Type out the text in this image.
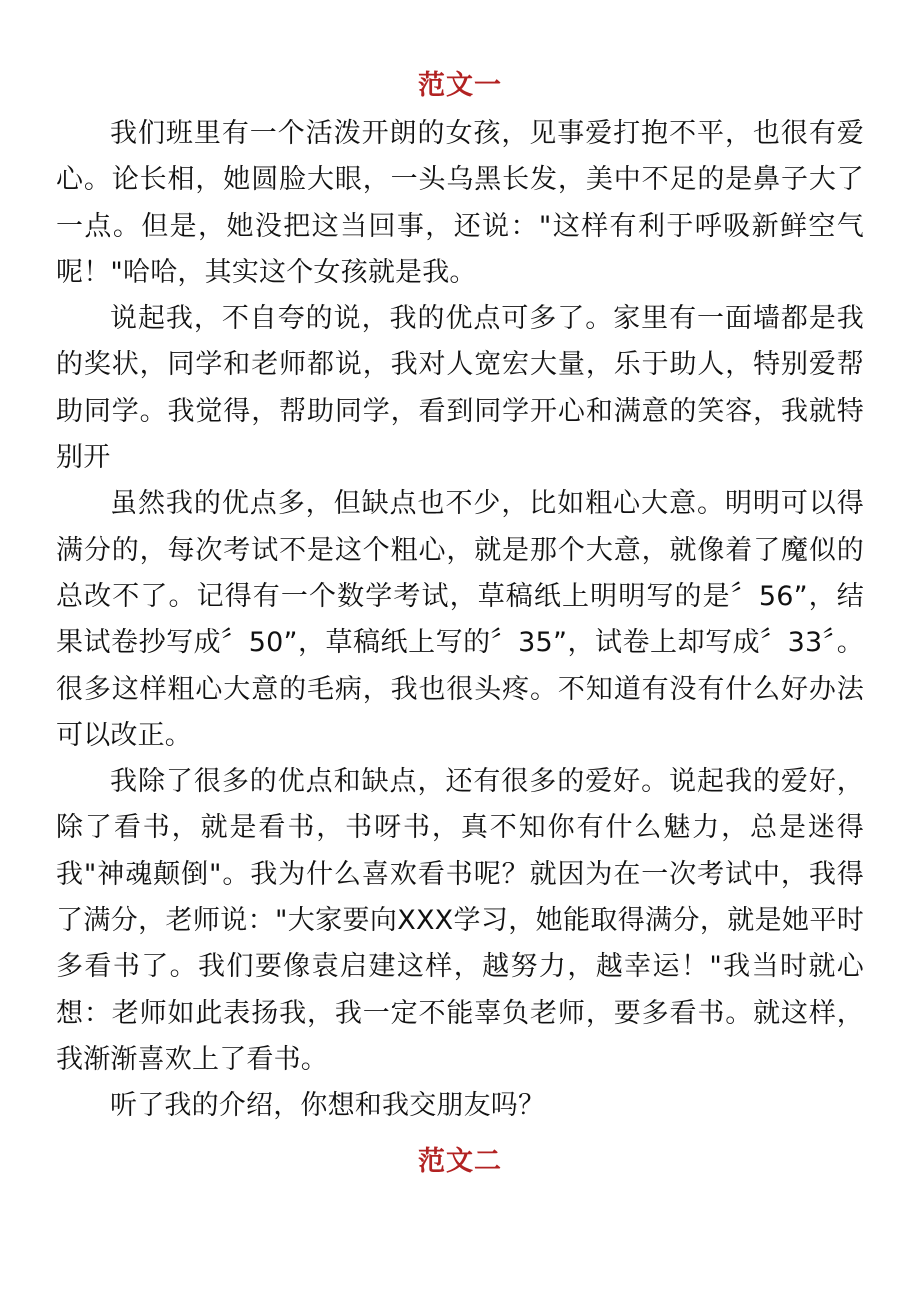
范文一

我们班里有一个活泼开朗的女孩，见事爱打抱不平，也很有爱心。论长相，她圆脸大眼，一头乌黑长发，美中不足的是鼻子大了一点。但是，她没把这当回事，还说："这样有利于呼吸新鲜空气呢！"哈哈，其实这个女孩就是我。

说起我，不自夸的说，我的优点可多了。家里有一面墙都是我的奖状，同学和老师都说，我对人宽宏大量，乐于助人，特别爱帮助同学。我觉得，帮助同学，看到同学开心和满意的笑容，我就特别开

虽然我的优点多，但缺点也不少，比如粗心大意。明明可以得满分的，每次考试不是这个粗心，就是那个大意，就像着了魔似的总改不了。记得有一个数学考试，草稿纸上明明写的是〞56”，结果试卷抄写成〞50”，草稿纸上写的〞35”，试卷上却写成〞33〞。很多这样粗心大意的毛病，我也很头疼。不知道有没有什么好办法可以改正。

我除了很多的优点和缺点，还有很多的爱好。说起我的爱好，除了看书，就是看书，书呀书，真不知你有什么魅力，总是迷得我"神魂颠倒"。我为什么喜欢看书呢？就因为在一次考试中，我得了满分，老师说："大家要向XXX学习，她能取得满分，就是她平时多看书了。我们要像袁启建这样，越努力，越幸运！"我当时就心想：老师如此表扬我，我一定不能辜负老师，要多看书。就这样，我渐渐喜欢上了看书。

听了我的介绍，你想和我交朋友吗？

范文二
